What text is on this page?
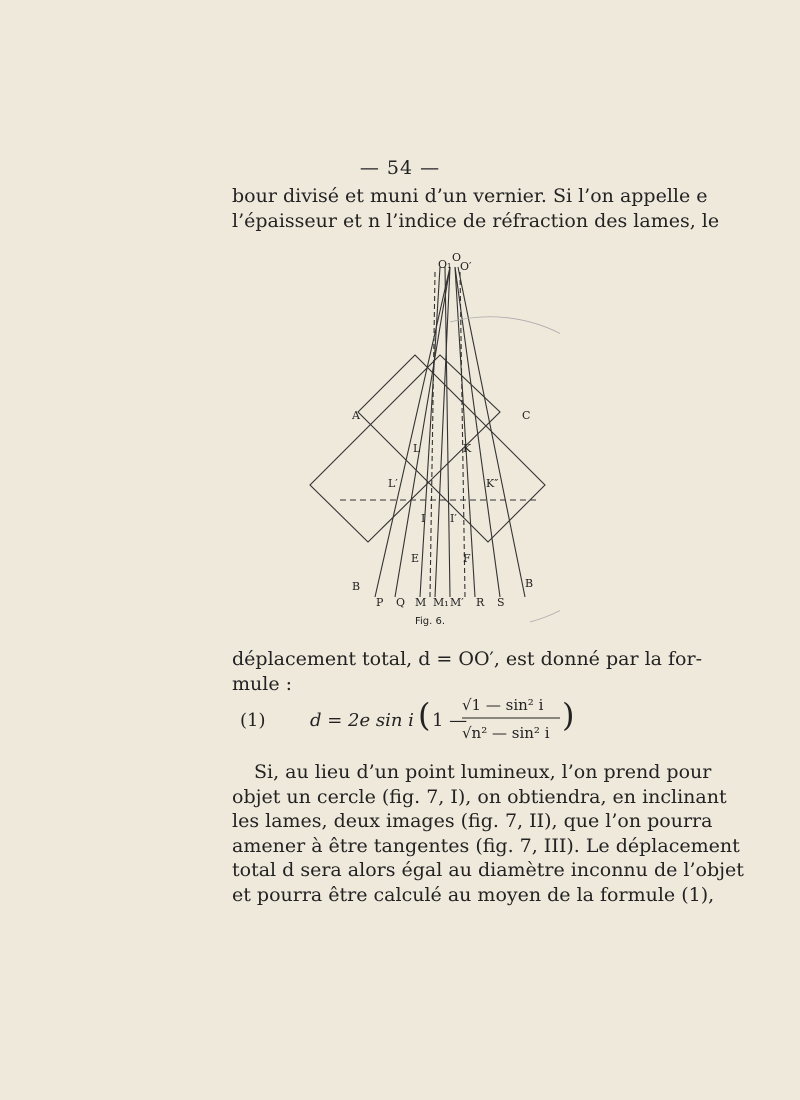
— 54 —
bour divisé et muni d’un vernier. Si l’on appelle e
l’épaisseur et n l’indice de réfraction des lames, le
O₁
O
O′
A	C
B	B
L	K
L′	K″
I I′
E	F
P Q M M₁ M′ R S
Fig. 6.
déplacement total, d = OO′, est donné par la for-
mule :
(1) d = 2e sin i ( 1 —
√1 — sin² i
√n² — sin² i )
Si, au lieu d’un point lumineux, l’on prend pour
objet un cercle (fig. 7, I), on obtiendra, en inclinant
les lames, deux images (fig. 7, II), que l’on pourra
amener à être tangentes (fig. 7, III). Le déplacement
total d sera alors égal au diamètre inconnu de l’objet
et pourra être calculé au moyen de la formule (1),
